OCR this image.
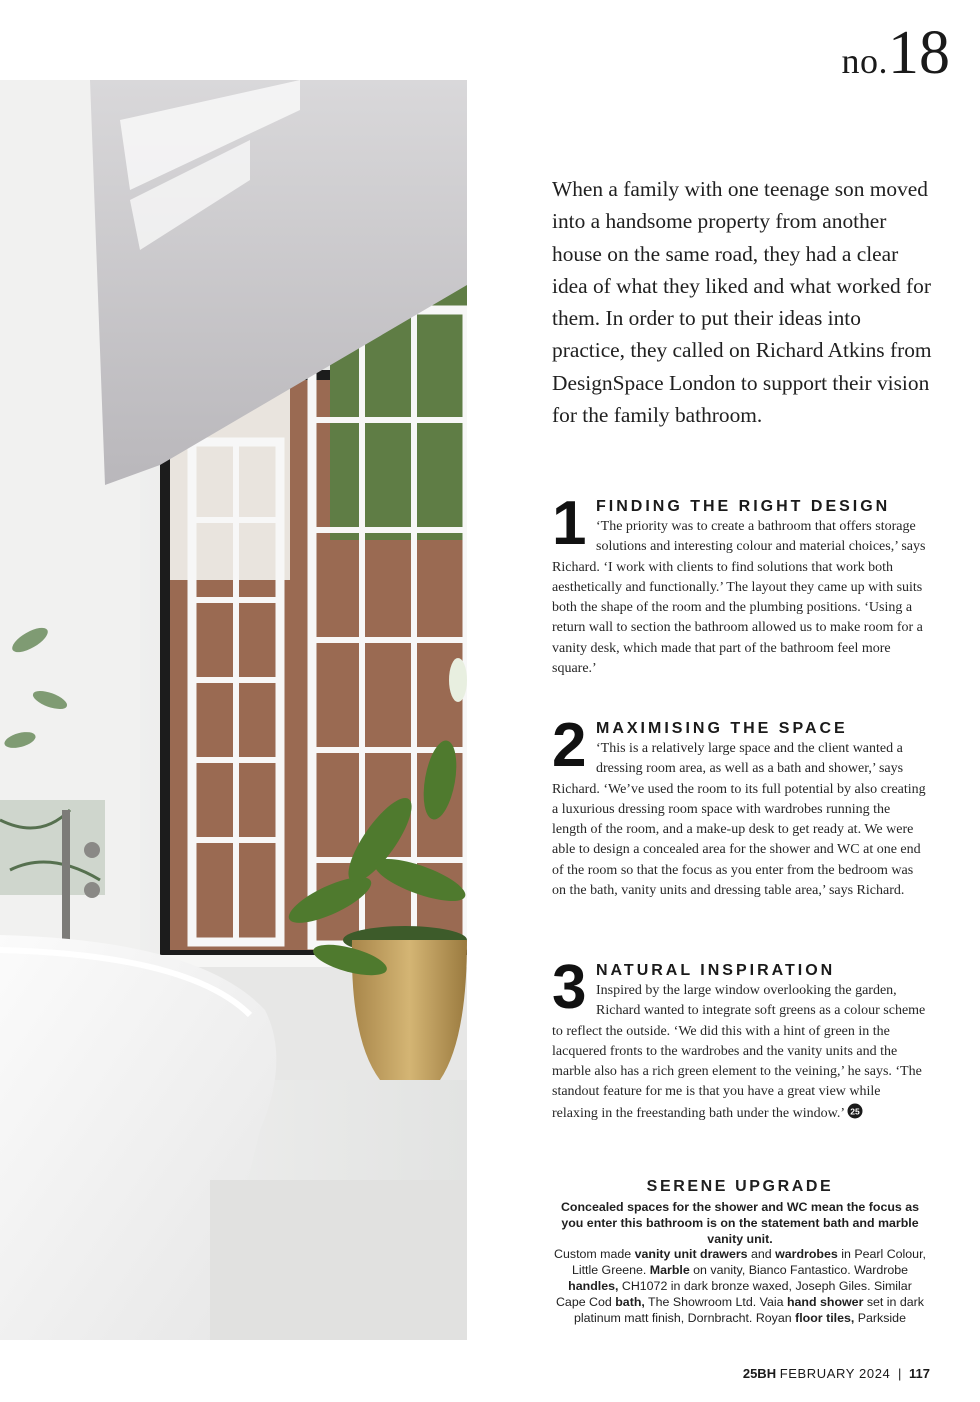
no.18

When a family with one teenage son moved into a handsome property from another house on the same road, they had a clear idea of what they liked and what worked for them. In order to put their ideas into practice, they called on Richard Atkins from DesignSpace London to support their vision for the family bathroom.

1 FINDING THE RIGHT DESIGN

‘The priority was to create a bathroom that offers storage solutions and interesting colour and material choices,’ says Richard. ‘I work with clients to find solutions that work both aesthetically and functionally.’ The layout they came up with suits both the shape of the room and the plumbing positions. ‘Using a return wall to section the bathroom allowed us to make room for a vanity desk, which made that part of the bathroom feel more square.’

2 MAXIMISING THE SPACE

‘This is a relatively large space and the client wanted a dressing room area, as well as a bath and shower,’ says Richard. ‘We’ve used the room to its full potential by also creating a luxurious dressing room space with wardrobes running the length of the room, and a make-up desk to get ready at. We were able to design a concealed area for the shower and WC at one end of the room so that the focus as you enter from the bedroom was on the bath, vanity units and dressing table area,’ says Richard.

3 NATURAL INSPIRATION

Inspired by the large window overlooking the garden, Richard wanted to integrate soft greens as a colour scheme to reflect the outside. ‘We did this with a hint of green in the lacquered fronts to the wardrobes and the vanity units and the marble also has a rich green element to the veining,’ he says. ‘The standout feature for me is that you have a great view while relaxing in the freestanding bath under the window.’ 25

SERENE UPGRADE

Concealed spaces for the shower and WC mean the focus as you enter this bathroom is on the statement bath and marble vanity unit.

Custom made vanity unit drawers and wardrobes in Pearl Colour, Little Greene. Marble on vanity, Bianco Fantastico. Wardrobe handles, CH1072 in dark bronze waxed, Joseph Giles. Similar Cape Cod bath, The Showroom Ltd. Vaia hand shower set in dark platinum matt finish, Dornbracht. Royan floor tiles, Parkside

25BH FEBRUARY 2024 | 117
